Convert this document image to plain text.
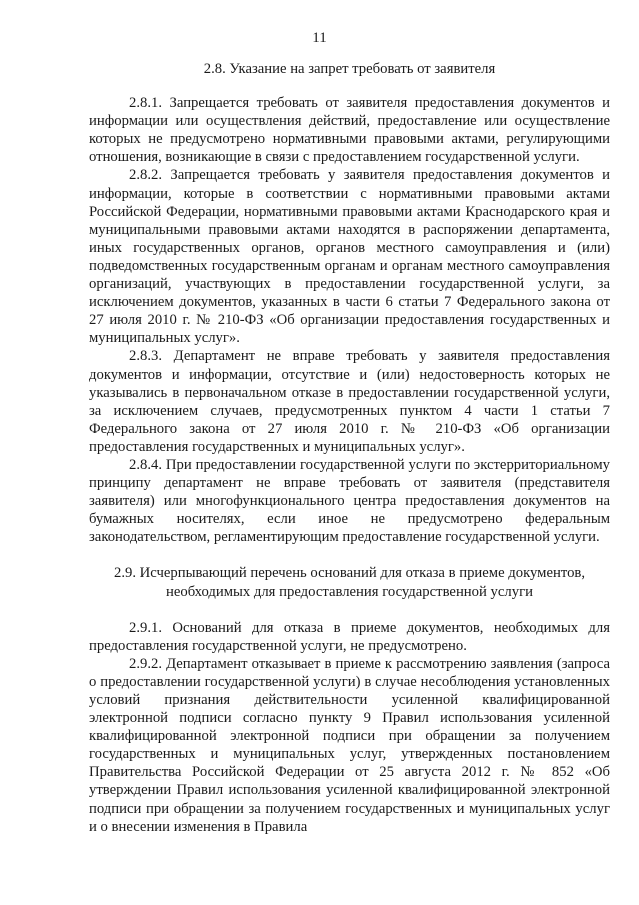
11

2.8. Указание на запрет требовать от заявителя

2.8.1. Запрещается требовать от заявителя предоставления документов и информации или осуществления действий, предоставление или осуществление которых не предусмотрено нормативными правовыми актами, регулирующими отношения, возникающие в связи с предоставлением государственной услуги.

2.8.2. Запрещается требовать у заявителя предоставления документов и информации, которые в соответствии с нормативными правовыми актами Российской Федерации, нормативными правовыми актами Краснодарского края и муниципальными правовыми актами находятся в распоряжении департамента, иных государственных органов, органов местного самоуправления и (или) подведомственных государственным органам и органам местного самоуправления организаций, участвующих в предоставлении государственной услуги, за исключением документов, указанных в части 6 статьи 7 Федерального закона от 27 июля 2010 г. № 210-ФЗ «Об организации предоставления государственных и муниципальных услуг».

2.8.3. Департамент не вправе требовать у заявителя предоставления документов и информации, отсутствие и (или) недостоверность которых не указывались в первоначальном отказе в предоставлении государственной услуги, за исключением случаев, предусмотренных пунктом 4 части 1 статьи 7 Федерального закона от 27 июля 2010 г. № 210-ФЗ «Об организации предоставления государственных и муниципальных услуг».

2.8.4. При предоставлении государственной услуги по экстерриториальному принципу департамент не вправе требовать от заявителя (представителя заявителя) или многофункционального центра предоставления документов на бумажных носителях, если иное не предусмотрено федеральным законодательством, регламентирующим предоставление государственной услуги.

2.9. Исчерпывающий перечень оснований для отказа в приеме документов,
необходимых для предоставления государственной услуги

2.9.1. Оснований для отказа в приеме документов, необходимых для предоставления государственной услуги, не предусмотрено.

2.9.2. Департамент отказывает в приеме к рассмотрению заявления (запроса о предоставлении государственной услуги) в случае несоблюдения установленных условий признания действительности усиленной квалифицированной электронной подписи согласно пункту 9 Правил использования усиленной квалифицированной электронной подписи при обращении за получением государственных и муниципальных услуг, утвержденных постановлением Правительства Российской Федерации от 25 августа 2012 г. № 852 «Об утверждении Правил использования усиленной квалифицированной электронной подписи при обращении за получением государственных и муниципальных услуг и о внесении изменения в Правила
